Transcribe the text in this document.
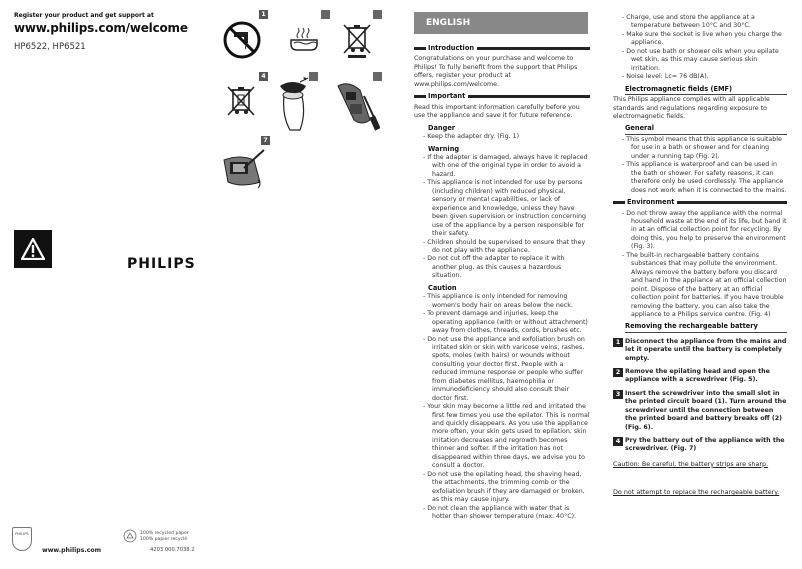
Register your product and get support at
www.philips.com/welcome
HP6522, HP6521
PHILIPS
PHILIPS
www.philips.com
100% recycled paper
100% papier recyclé
4203.000.7038.2
1
4
7
ENGLISH
Introduction

Congratulations on your purchase and welcome to Philips! To fully benefit from the support that Philips offers, register your product at www.philips.com/welcome.

Important

Read this important information carefully before you use the appliance and save it for future reference.

Danger
- Keep the adapter dry. (Fig. 1)
Warning
- If the adapter is damaged, always have it replaced with one of the original type in order to avoid a hazard.
- This appliance is not intended for use by persons (including children) with reduced physical, sensory or mental capabilities, or lack of experience and knowledge, unless they have been given supervision or instruction concerning use of the appliance by a person responsible for their safety.
- Children should be supervised to ensure that they do not play with the appliance.
- Do not cut off the adapter to replace it with another plug, as this causes a hazardous situation.
Caution
- This appliance is only intended for removing women's body hair on areas below the neck.
- To prevent damage and injuries, keep the operating appliance (with or without attachment) away from clothes, threads, cords, brushes etc.
- Do not use the appliance and exfoliation brush on irritated skin or skin with varicose veins, rashes, spots, moles (with hairs) or wounds without consulting your doctor first. People with a reduced immune response or people who suffer from diabetes mellitus, haemophilia or immunodeficiency should also consult their doctor first.
- Your skin may become a little red and irritated the first few times you use the epilator. This is normal and quickly disappears. As you use the appliance more often, your skin gets used to epilation, skin irritation decreases and regrowth becomes thinner and softer. If the irritation has not disappeared within three days, we advise you to consult a doctor.
- Do not use the epilating head, the shaving head, the attachments, the trimming comb or the exfoliation brush if they are damaged or broken, as this may cause injury.
- Do not clean the appliance with water that is hotter than shower temperature (max. 40°C).
- Charge, use and store the appliance at a temperature between 10°C and 30°C.
- Make sure the socket is live when you charge the appliance.
- Do not use bath or shower oils when you epilate wet skin, as this may cause serious skin irritation.
- Noise level: Lc= 76 dB(A).
Electromagnetic fields (EMF)

This Philips appliance complies with all applicable standards and regulations regarding exposure to electromagnetic fields.

General
- This symbol means that this appliance is suitable for use in a bath or shower and for cleaning under a running tap (Fig. 2).
- This appliance is waterproof and can be used in the bath or shower. For safety reasons, it can therefore only be used cordlessly. The appliance does not work when it is connected to the mains.
Environment
- Do not throw away the appliance with the normal household waste at the end of its life, but hand it in at an official collection point for recycling. By doing this, you help to preserve the environment (Fig. 3).
- The built-in rechargeable battery contains substances that may pollute the environment. Always remove the battery before you discard and hand in the appliance at an official collection point. Dispose of the battery at an official collection point for batteries. If you have trouble removing the battery, you can also take the appliance to a Philips service centre. (Fig. 4)
Removing the rechargeable battery
1 Disconnect the appliance from the mains and let it operate until the battery is completely empty.
2 Remove the epilating head and open the appliance with a screwdriver (Fig. 5).
3 Insert the screwdriver into the small slot in the printed circuit board (1). Turn around the screwdriver until the connection between the printed board and battery breaks off (2) (Fig. 6).
4 Pry the battery out of the appliance with the screwdriver. (Fig. 7)
Caution: Be careful, the battery strips are sharp.
Do not attempt to replace the rechargeable battery.
